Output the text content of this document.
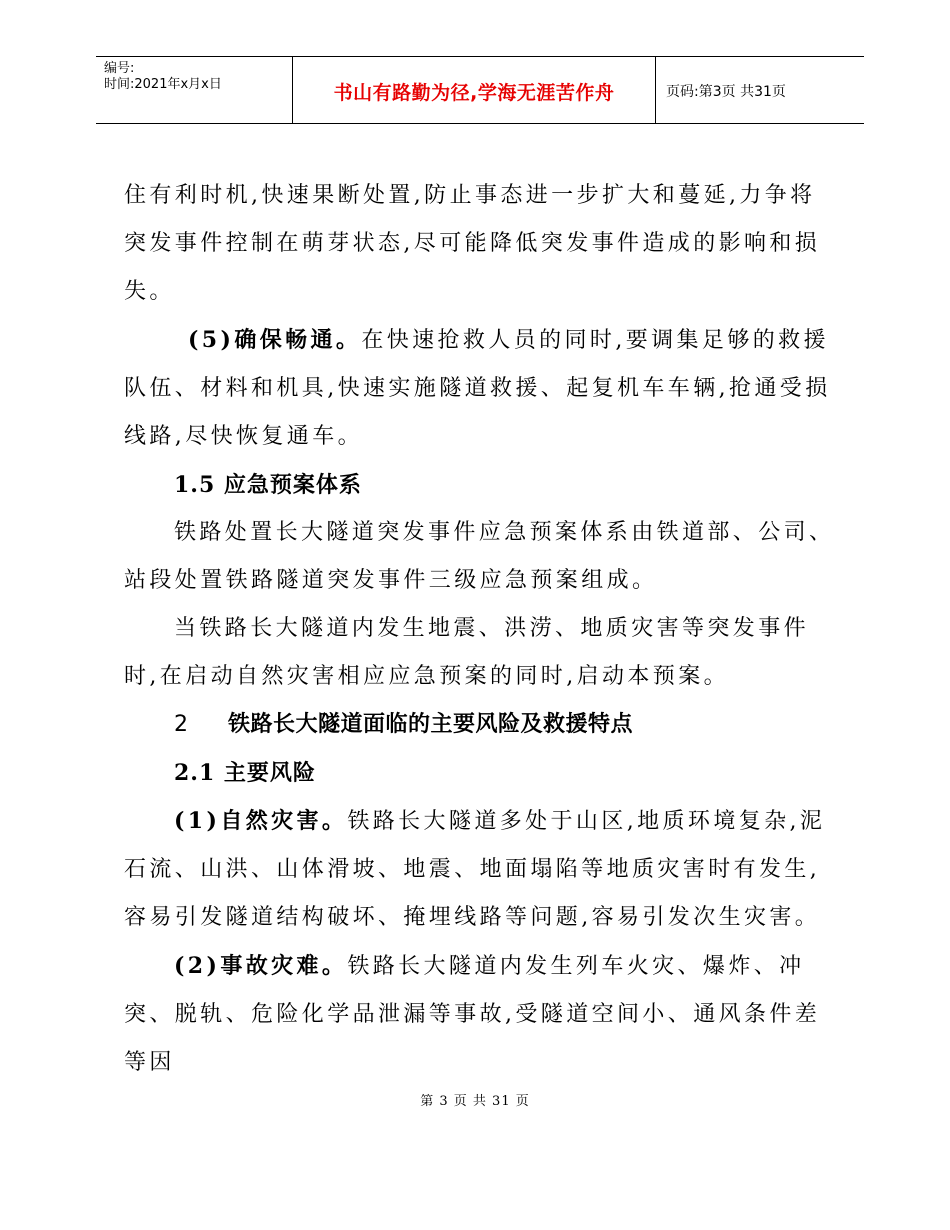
编号:
时间:2021年x月x日	书山有路勤为径,学海无涯苦作舟	页码:第3页 共31页

住有利时机,快速果断处置,防止事态进一步扩大和蔓延,力争将突发事件控制在萌芽状态,尽可能降低突发事件造成的影响和损失。

(5)确保畅通。在快速抢救人员的同时,要调集足够的救援队伍、材料和机具,快速实施隧道救援、起复机车车辆,抢通受损线路,尽快恢复通车。

1.5 应急预案体系

铁路处置长大隧道突发事件应急预案体系由铁道部、公司、站段处置铁路隧道突发事件三级应急预案组成。

当铁路长大隧道内发生地震、洪涝、地质灾害等突发事件时,在启动自然灾害相应应急预案的同时,启动本预案。

2 铁路长大隧道面临的主要风险及救援特点

2.1 主要风险

(1)自然灾害。铁路长大隧道多处于山区,地质环境复杂,泥石流、山洪、山体滑坡、地震、地面塌陷等地质灾害时有发生,容易引发隧道结构破坏、掩埋线路等问题,容易引发次生灾害。

(2)事故灾难。铁路长大隧道内发生列车火灾、爆炸、冲突、脱轨、危险化学品泄漏等事故,受隧道空间小、通风条件差等因

第 3 页 共 31 页
